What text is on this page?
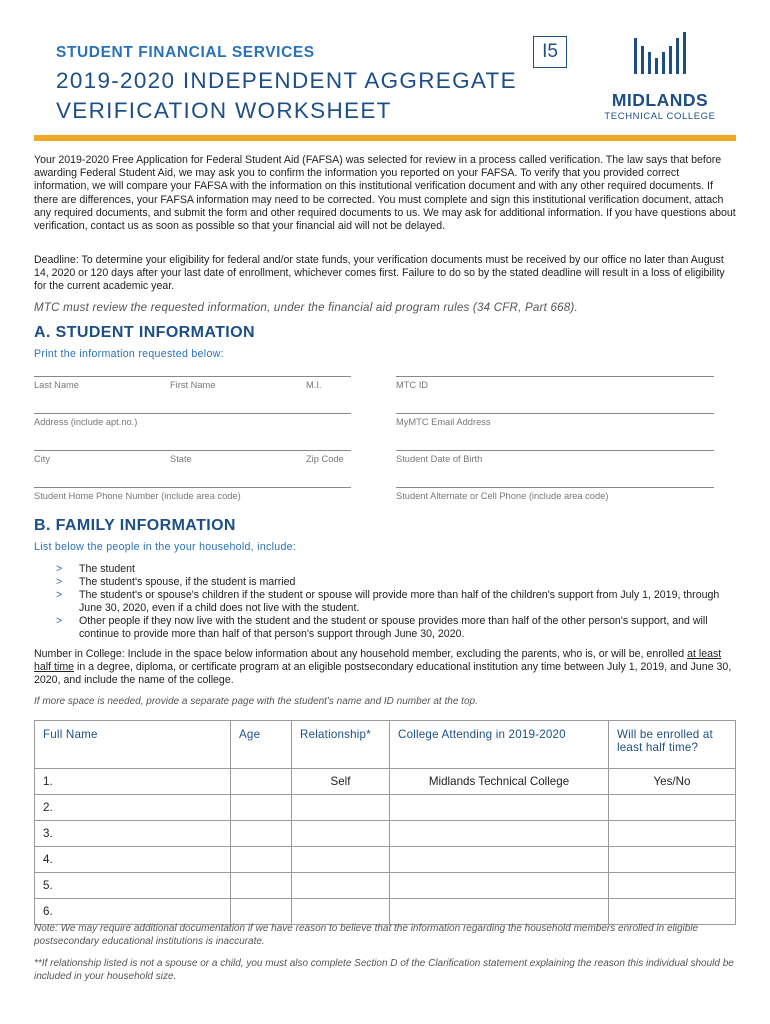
STUDENT FINANCIAL SERVICES
2019-2020 INDEPENDENT AGGREGATE
VERIFICATION WORKSHEET
I5
MIDLANDS
TECHNICAL COLLEGE
Your 2019-2020 Free Application for Federal Student Aid (FAFSA) was selected for review in a process called verification. The law says that before awarding Federal Student Aid, we may ask you to confirm the information you reported on your FAFSA. To verify that you provided correct information, we will compare your FAFSA with the information on this institutional verification document and with any other required documents. If there are differences, your FAFSA information may need to be corrected. You must complete and sign this institutional verification document, attach any required documents, and submit the form and other required documents to us. We may ask for additional information. If you have questions about verification, contact us as soon as possible so that your financial aid will not be delayed.
Deadline: To determine your eligibility for federal and/or state funds, your verification documents must be received by our office no later than August 14, 2020 or 120 days after your last date of enrollment, whichever comes first. Failure to do so by the stated deadline will result in a loss of eligibility for the current academic year.
MTC must review the requested information, under the financial aid program rules (34 CFR, Part 668).
A. STUDENT INFORMATION
Print the information requested below:
Last Name	First Name	M.I.	MTC ID
Address (include apt.no.)	MyMTC Email Address
City	State	Zip Code	Student Date of Birth
Student Home Phone Number (include area code)	Student Alternate or Cell Phone (include area code)
B. FAMILY INFORMATION
List below the people in the your household, include:
> The student
> The student's spouse, if the student is married
> The student's or spouse's children if the student or spouse will provide more than half of the children's support from July 1, 2019, through June 30, 2020, even if a child does not live with the student.
> Other people if they now live with the student and the student or spouse provides more than half of the other person's support, and will continue to provide more than half of that person's support through June 30, 2020.
Number in College: Include in the space below information about any household member, excluding the parents, who is, or will be, enrolled at least half time in a degree, diploma, or certificate program at an eligible postsecondary educational institution any time between July 1, 2019, and June 30, 2020, and include the name of the college.
If more space is needed, provide a separate page with the student's name and ID number at the top.
Full Name	Age	Relationship*	College Attending in 2019-2020	Will be enrolled at least half time?
1.		Self	Midlands Technical College	Yes/No
2.				
3.				
4.				
5.				
6.				
Note: We may require additional documentation if we have reason to believe that the information regarding the household members enrolled in eligible postsecondary educational institutions is inaccurate.
**If relationship listed is not a spouse or a child, you must also complete Section D of the Clarification statement explaining the reason this individual should be included in your household size.
